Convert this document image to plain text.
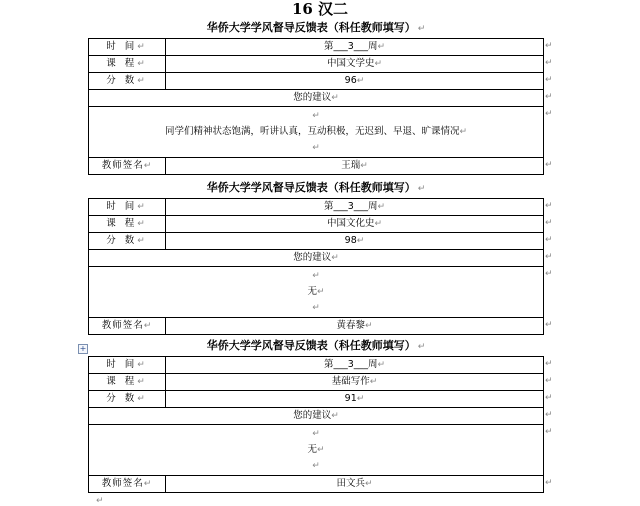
16 汉二
华侨大学学风督导反馈表（科任教师填写） ↵
时 间↵	第___3___周↵
课 程↵	中国文学史↵
分 数↵	96↵
您的建议↵	

↵
同学们精神状态饱满，听讲认真，互动积极，无迟到、早退、旷课情况↵
↵	

教师签名↵	王瑞↵
华侨大学学风督导反馈表（科任教师填写） ↵
时 间↵	第___3___周↵
课 程↵	中国文化史↵
分 数↵	98↵
您的建议↵	

↵
无↵
↵	

教师签名↵	黄春黎↵
+	华侨大学学风督导反馈表（科任教师填写） ↵
时 间↵	第___3___周↵
课 程↵	基础写作↵
分 数↵	91↵
您的建议↵	

↵
无↵
↵	

教师签名↵	田文兵↵
↵
↵
↵
↵
↵
↵
↵
↵
↵
↵
↵
↵
↵
↵
↵
↵
↵
↵
↵
